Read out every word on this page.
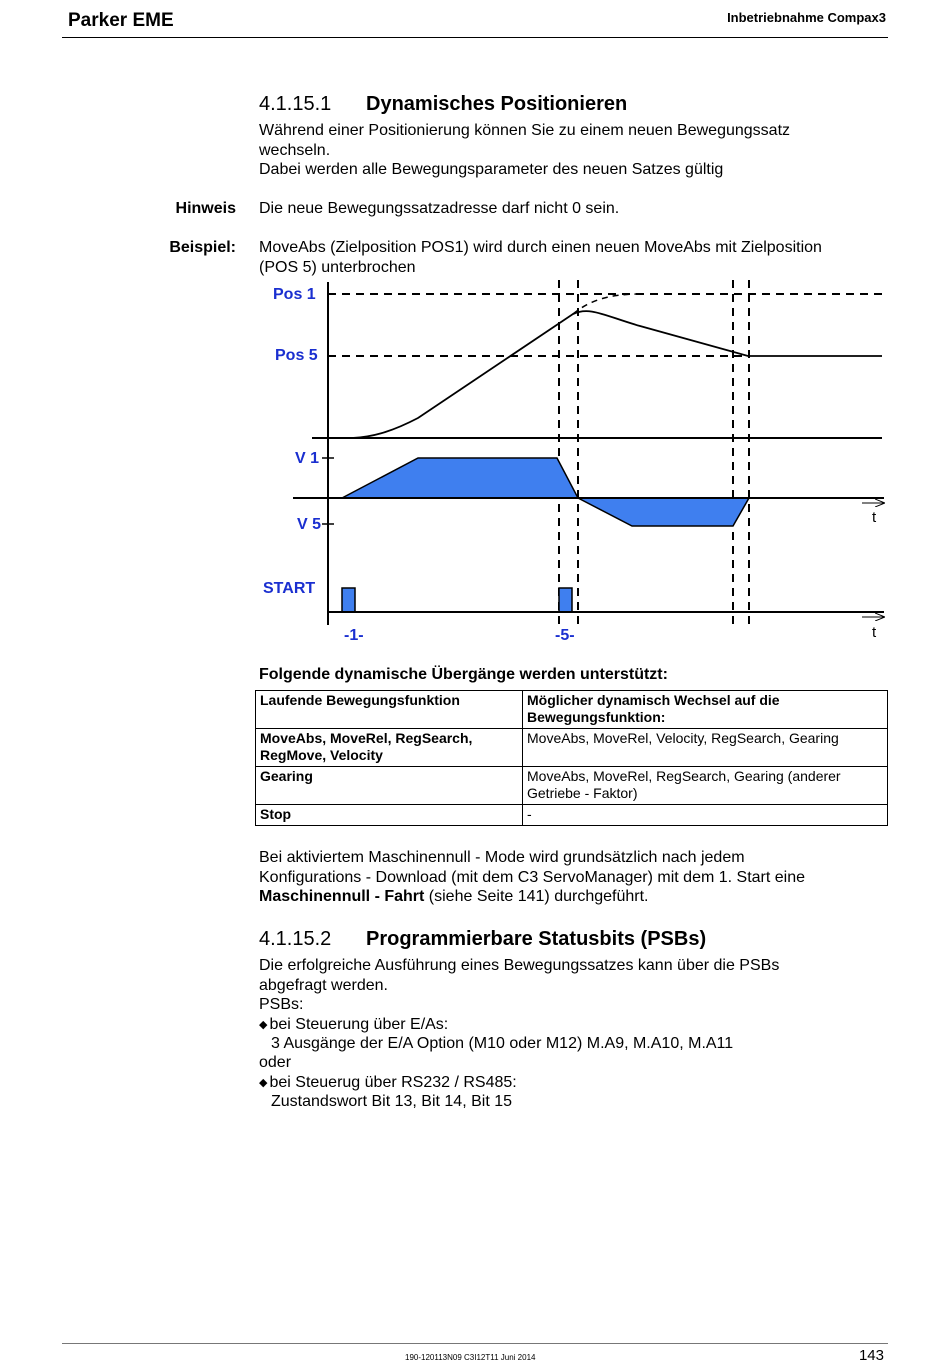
Parker EME	Inbetriebnahme Compax3
4.1.15.1 Dynamisches Positionieren
Während einer Positionierung können Sie zu einem neuen Bewegungssatz
wechseln.
Dabei werden alle Bewegungsparameter des neuen Satzes gültig
Hinweis Die neue Bewegungssatzadresse darf nicht 0 sein.
Beispiel: MoveAbs (Zielposition POS1) wird durch einen neuen MoveAbs mit Zielposition
(POS 5) unterbrochen
Pos 1
Pos 5
V 1
V 5
START
-1-	-5-
t
t
Folgende dynamische Übergänge werden unterstützt:
Laufende Bewegungsfunktion	Möglicher dynamisch Wechsel auf die
Bewegungsfunktion:

MoveAbs, MoveRel, RegSearch,
RegMove, Velocity	MoveAbs, MoveRel, Velocity, RegSearch, Gearing

Gearing	MoveAbs, MoveRel, RegSearch, Gearing (anderer
Getriebe - Faktor)

Stop	-
Bei aktiviertem Maschinennull - Mode wird grundsätzlich nach jedem
Konfigurations - Download (mit dem C3 ServoManager) mit dem 1. Start eine
Maschinennull - Fahrt (siehe Seite 141) durchgeführt.
4.1.15.2 Programmierbare Statusbits (PSBs)
Die erfolgreiche Ausführung eines Bewegungssatzes kann über die PSBs
abgefragt werden.
PSBs:
◆ bei Steuerung über E/As:
3 Ausgänge der E/A Option (M10 oder M12) M.A9, M.A10, M.A11
oder
◆ bei Steuerug über RS232 / RS485:
Zustandswort Bit 13, Bit 14, Bit 15
190-120113N09 C3I12T11 Juni 2014	143
